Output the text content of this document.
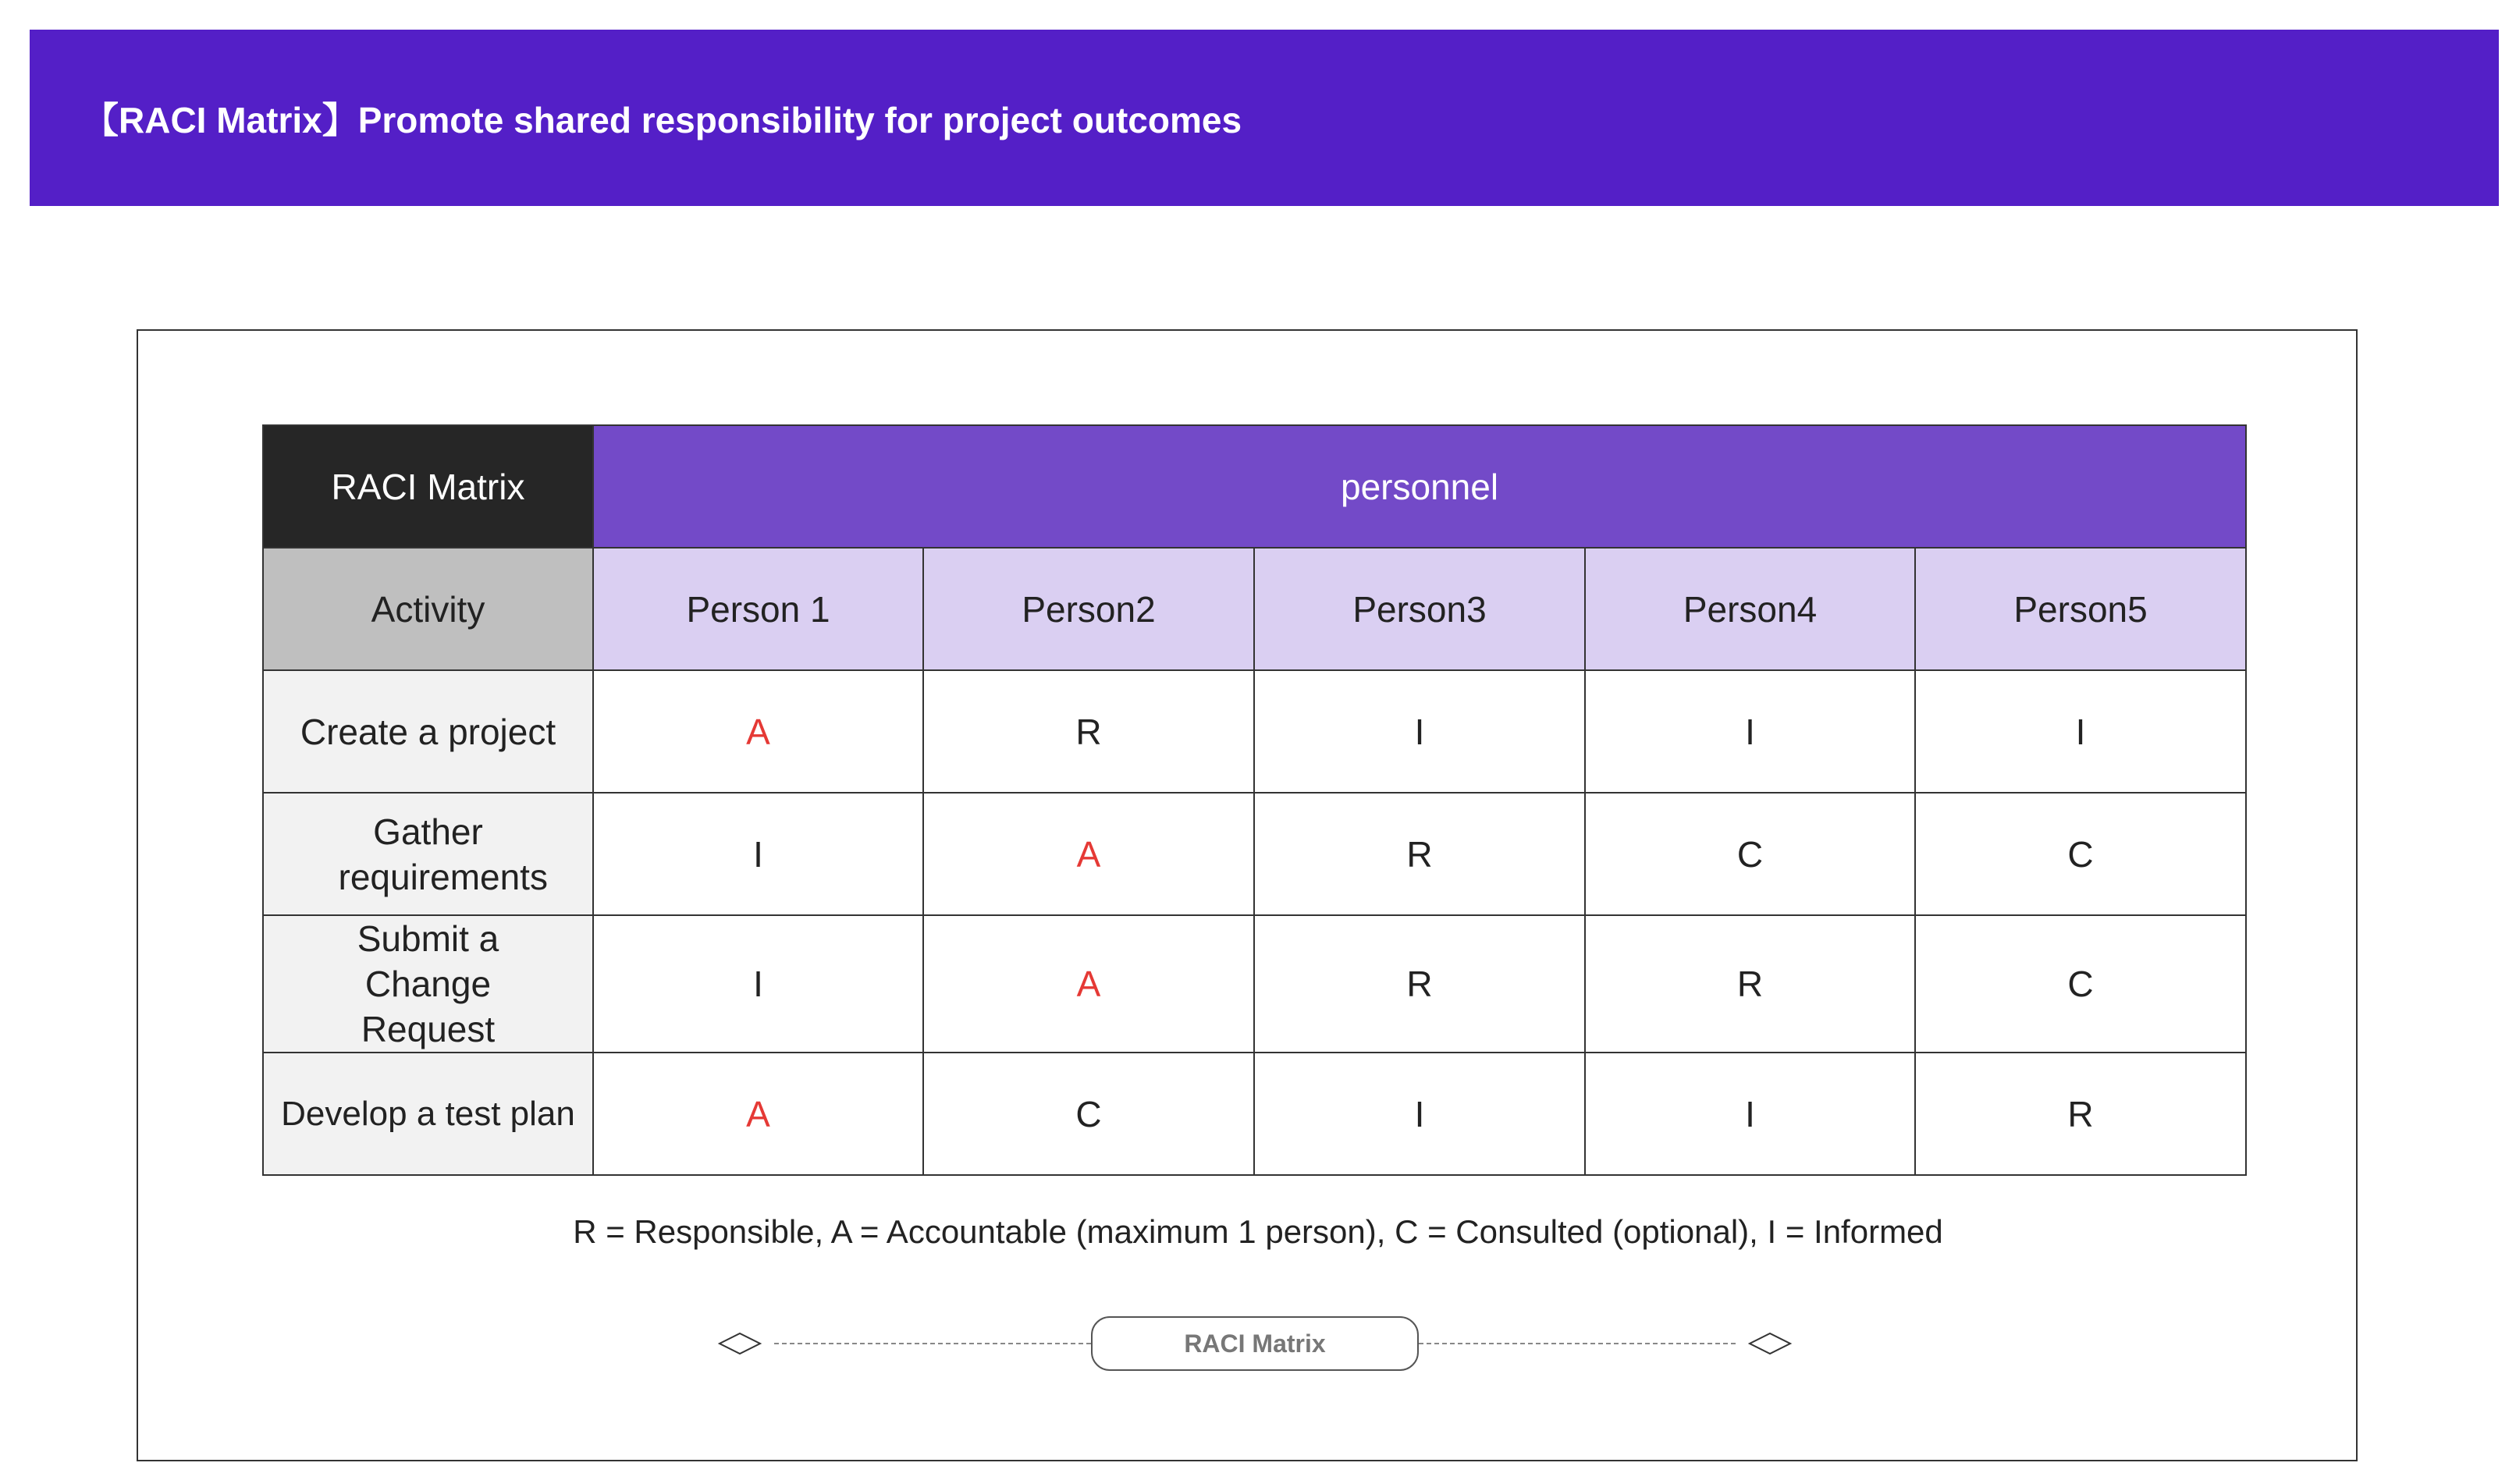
【RACI Matrix】Promote shared responsibility for project outcomes
RACI Matrix	personnel				
Activity	Person 1	Person2	Person3	Person4	Person5
Create a project	A	R	I	I	I
Gather requirements	I	A	R	C	C
Submit a Change Request	I	A	R	R	C
Develop a test plan	A	C	I	I	R
R = Responsible, A = Accountable (maximum 1 person), C = Consulted (optional), I = Informed
RACI Matrix
